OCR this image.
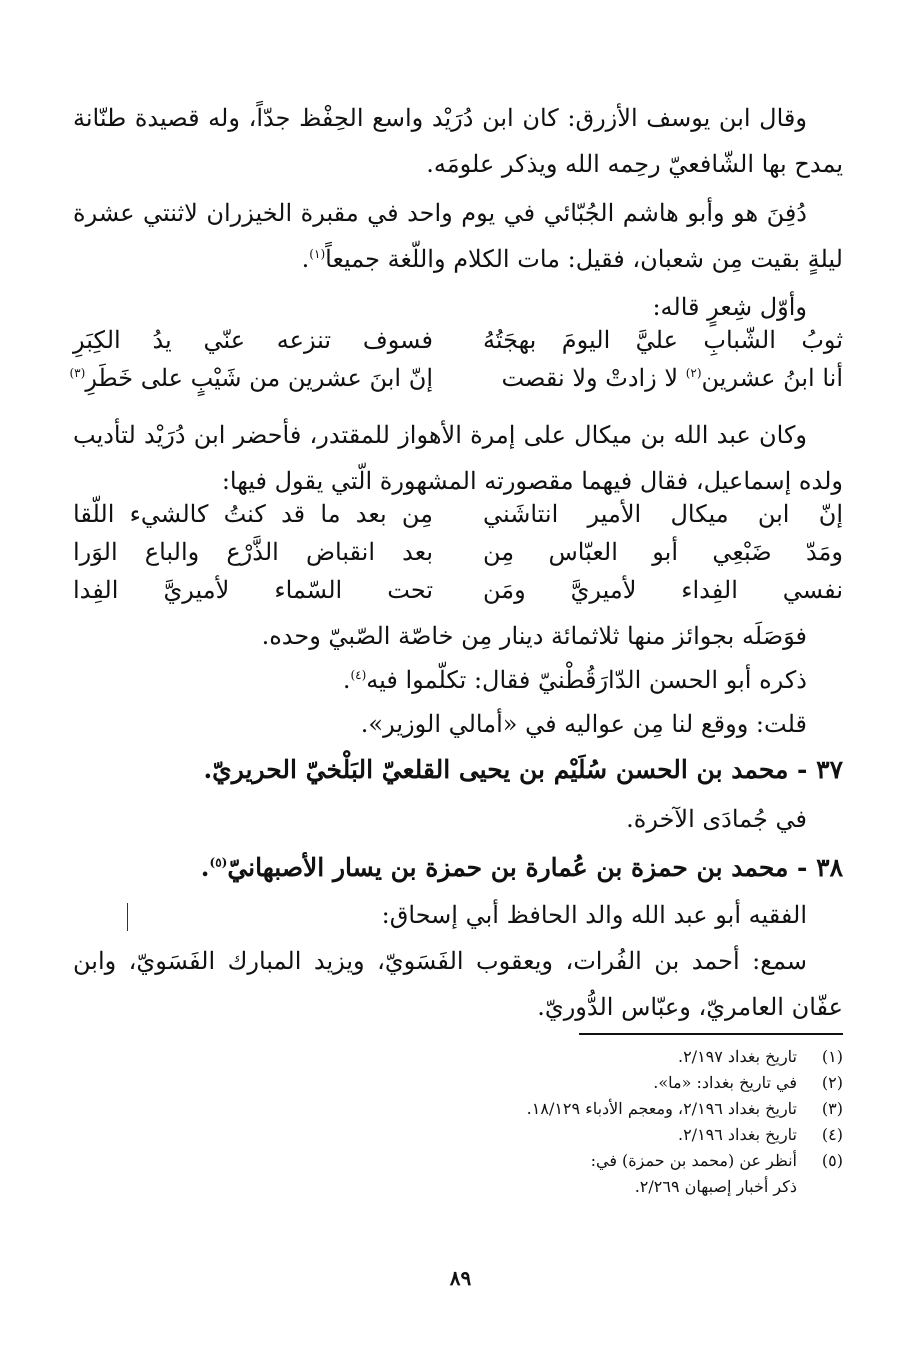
وقال ابن يوسف الأزرق: كان ابن دُرَيْد واسع الحِفْظ جدّاً، وله قصيدة طنّانة يمدح بها الشّافعيّ رحِمه الله ويذكر علومَه.

دُفِنَ هو وأبو هاشم الجُبّائي في يوم واحد في مقبرة الخيزران لاثنتي عشرة ليلةٍ بقيت مِن شعبان، فقيل: مات الكلام واللّغة جميعاً$^{(١)}$.

وأوّل شِعرٍ قاله:

ثوبُ الشّبابِ عليَّ اليومَ بهجَتُهُ
فسوف تنزعه عنّي يدُ الكِبَرِ
أنا ابنُ عشرين$^{(٢)}$ لا زادتْ ولا نقصت
إنّ ابنَ عشرين من شَيْبٍ على خَطَرِ$^{(٣)}$

وكان عبد الله بن ميكال على إمرة الأهواز للمقتدر، فأحضر ابن دُرَيْد لتأديب ولده إسماعيل، فقال فيهما مقصورته المشهورة الّتي يقول فيها:

إنّ ابن ميكال الأمير انتاشَني
مِن بعد ما قد كنتُ كالشيء اللّقا
ومَدّ ضَبْعِي أبو العبّاس مِن
بعد انقباض الذَّرْع والباع الوَرا
نفسي الفِداء لأميريَّ ومَن
تحت السّماء لأميريَّ الفِدا

فوَصَلَه بجوائز منها ثلاثمائة دينار مِن خاصّة الصّبيّ وحده.

ذكره أبو الحسن الدّارَقُطْنيّ فقال: تكلّموا فيه$^{(٤)}$.

قلت: ووقع لنا مِن عواليه في «أمالي الوزير».

٣٧ - محمد بن الحسن سُلَيْم بن يحيى القلعيّ البَلْخيّ الحريريّ.

في جُمادَى الآخرة.

٣٨ - محمد بن حمزة بن عُمارة بن حمزة بن يسار الأصبهانيّ$^{(٥)}$.

الفقيه أبو عبد الله والد الحافظ أبي إسحاق:

سمع: أحمد بن الفُرات، ويعقوب الفَسَويّ، ويزيد المبارك الفَسَويّ، وابن عفّان العامريّ، وعبّاس الدُّوريّ.

(١)
تاريخ بغداد ٢/١٩٧.
(٢)
في تاريخ بغداد: «ما».
(٣)
تاريخ بغداد ٢/١٩٦، ومعجم الأدباء ١٨/١٢٩.
(٤)
تاريخ بغداد ٢/١٩٦.
(٥)
أنظر عن (محمد بن حمزة) في:
ذكر أخبار إصبهان ٢/٢٦٩.
٨٩
